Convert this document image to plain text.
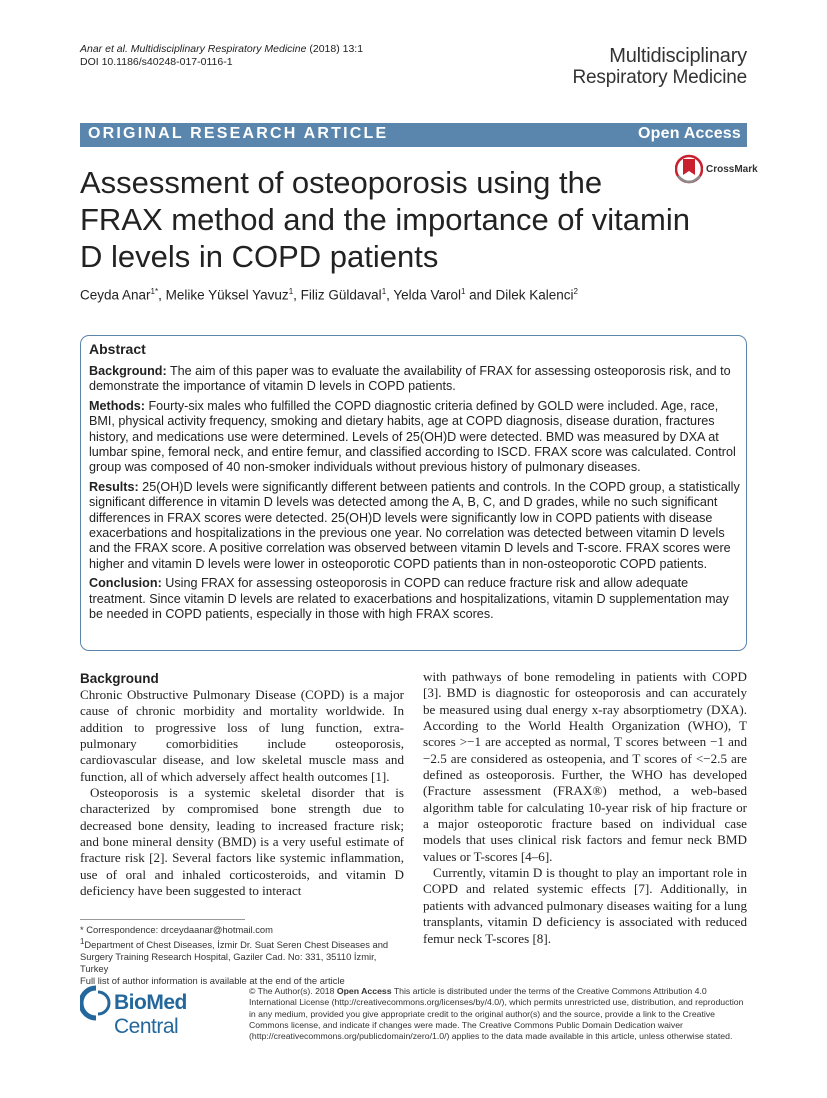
Anar et al. Multidisciplinary Respiratory Medicine (2018) 13:1
DOI 10.1186/s40248-017-0116-1	Multidisciplinary
Respiratory Medicine
ORIGINAL RESEARCH ARTICLE	Open Access
Assessment of osteoporosis using the FRAX method and the importance of vitamin D levels in COPD patients
CrossMark
Ceyda Anar$^{1*}$, Melike Yüksel Yavuz$^1$, Filiz Güldaval$^1$, Yelda Varol$^1$ and Dilek Kalenci$^2$
Abstract

Background: The aim of this paper was to evaluate the availability of FRAX for assessing osteoporosis risk, and to demonstrate the importance of vitamin D levels in COPD patients.

Methods: Fourty-six males who fulfilled the COPD diagnostic criteria defined by GOLD were included. Age, race, BMI, physical activity frequency, smoking and dietary habits, age at COPD diagnosis, disease duration, fractures history, and medications use were determined. Levels of 25(OH)D were detected. BMD was measured by DXA at lumbar spine, femoral neck, and entire femur, and classified according to ISCD. FRAX score was calculated. Control group was composed of 40 non-smoker individuals without previous history of pulmonary diseases.

Results: 25(OH)D levels were significantly different between patients and controls. In the COPD group, a statistically significant difference in vitamin D levels was detected among the A, B, C, and D grades, while no such significant differences in FRAX scores were detected. 25(OH)D levels were significantly low in COPD patients with disease exacerbations and hospitalizations in the previous one year. No correlation was detected between vitamin D levels and the FRAX score. A positive correlation was observed between vitamin D levels and T-score. FRAX scores were higher and vitamin D levels were lower in osteoporotic COPD patients than in non-osteoporotic COPD patients.

Conclusion: Using FRAX for assessing osteoporosis in COPD can reduce fracture risk and allow adequate treatment. Since vitamin D levels are related to exacerbations and hospitalizations, vitamin D supplementation may be needed in COPD patients, especially in those with high FRAX scores.

Background

Chronic Obstructive Pulmonary Disease (COPD) is a major cause of chronic morbidity and mortality worldwide. In addition to progressive loss of lung function, extra-pulmonary comorbidities include osteoporosis, cardiovascular disease, and low skeletal muscle mass and function, all of which adversely affect health outcomes [1].

Osteoporosis is a systemic skeletal disorder that is characterized by compromised bone strength due to decreased bone density, leading to increased fracture risk; and bone mineral density (BMD) is a very useful estimate of fracture risk [2]. Several factors like systemic inflammation, use of oral and inhaled corticosteroids, and vitamin D deficiency have been suggested to interact

with pathways of bone remodeling in patients with COPD [3]. BMD is diagnostic for osteoporosis and can accurately be measured using dual energy x-ray absorptiometry (DXA). According to the World Health Organization (WHO), T scores >−1 are accepted as normal, T scores between −1 and −2.5 are considered as osteopenia, and T scores of <−2.5 are defined as osteoporosis. Further, the WHO has developed (Fracture assessment (FRAX®) method, a web-based algorithm table for calculating 10-year risk of hip fracture or a major osteoporotic fracture based on individual case models that uses clinical risk factors and femur neck BMD values or T-scores [4–6].

Currently, vitamin D is thought to play an important role in COPD and related systemic effects [7]. Additionally, in patients with advanced pulmonary diseases waiting for a lung transplants, vitamin D deficiency is associated with reduced femur neck T-scores [8].

* Correspondence: drceydaanar@hotmail.com

$^1$Department of Chest Diseases, İzmir Dr. Suat Seren Chest Diseases and Surgery Training Research Hospital, Gaziler Cad. No: 331, 35110 İzmir, Turkey

Full list of author information is available at the end of the article

BioMed Central
© The Author(s). 2018 Open Access This article is distributed under the terms of the Creative Commons Attribution 4.0 International License (http://creativecommons.org/licenses/by/4.0/), which permits unrestricted use, distribution, and reproduction in any medium, provided you give appropriate credit to the original author(s) and the source, provide a link to the Creative Commons license, and indicate if changes were made. The Creative Commons Public Domain Dedication waiver (http://creativecommons.org/publicdomain/zero/1.0/) applies to the data made available in this article, unless otherwise stated.
